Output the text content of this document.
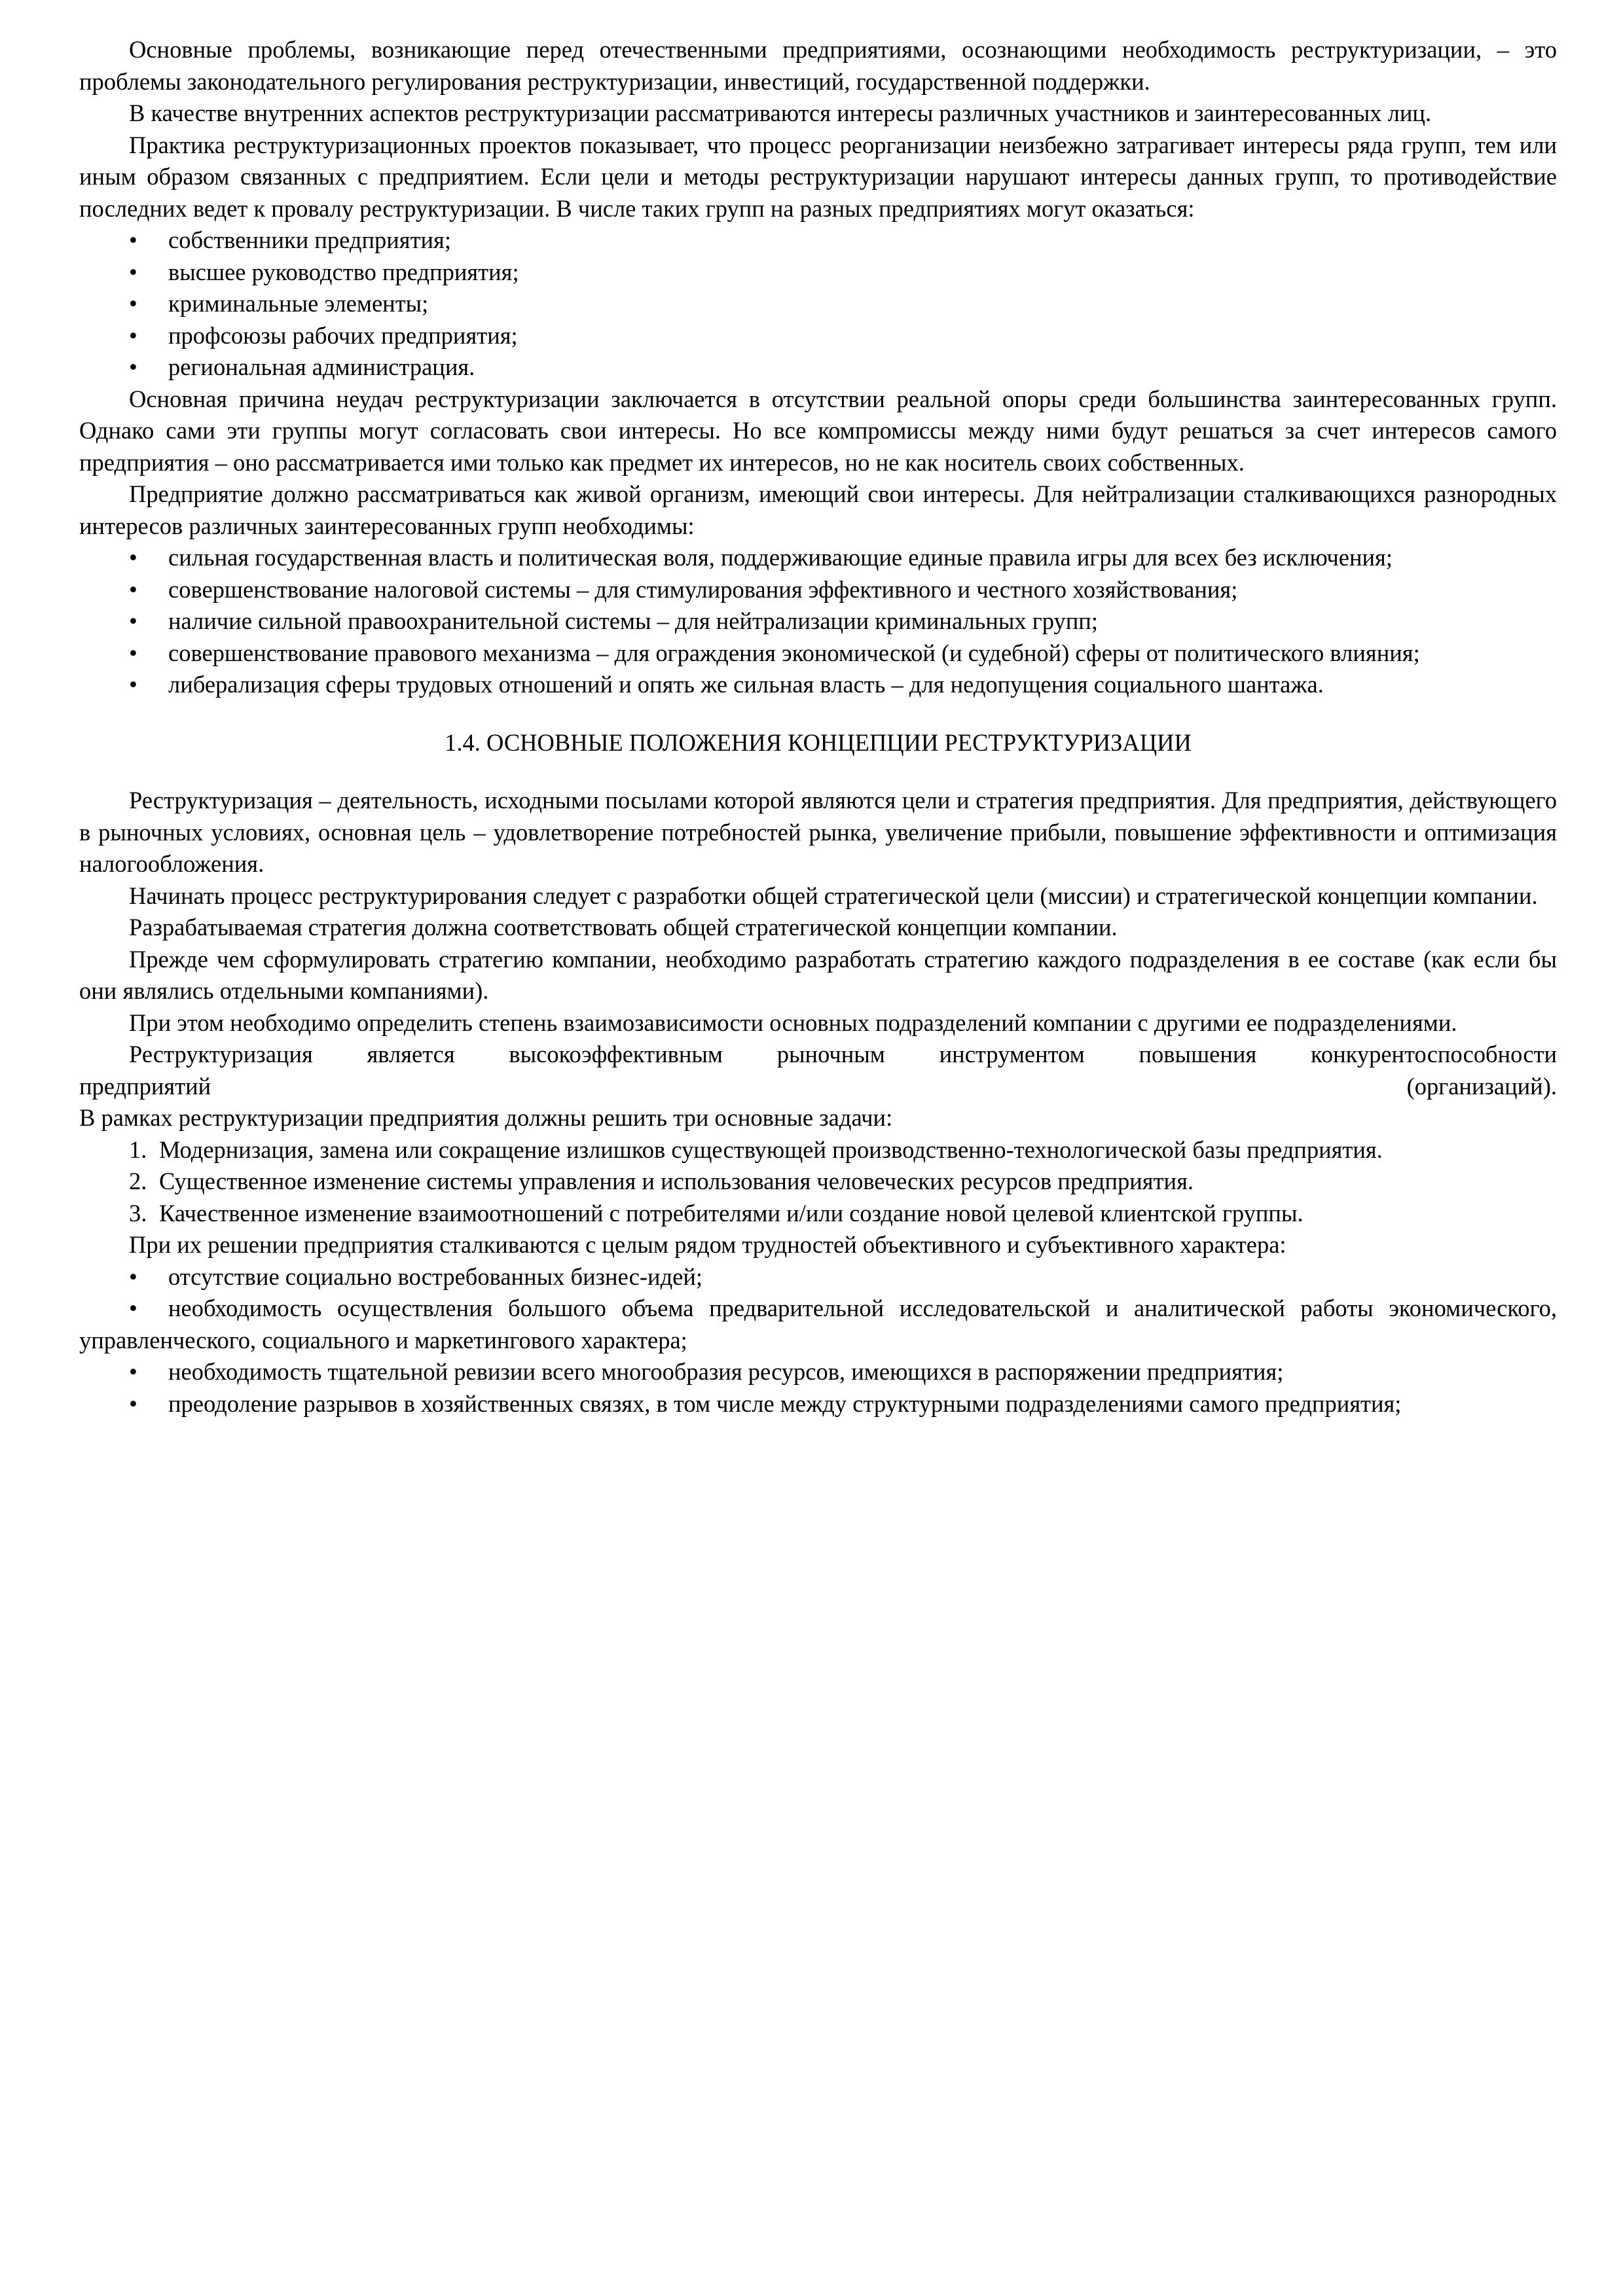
Основные проблемы, возникающие перед отечественными предприятиями, осознающими необходимость реструктуризации, – это проблемы законодательного регулирования реструктуризации, инвестиций, государственной поддержки.

В качестве внутренних аспектов реструктуризации рассматриваются интересы различных участников и заинтересованных лиц.

Практика реструктуризационных проектов показывает, что процесс реорганизации неизбежно затрагивает интересы ряда групп, тем или иным образом связанных с предприятием. Если цели и методы реструктуризации нарушают интересы данных групп, то противодействие последних ведет к провалу реструктуризации. В числе таких групп на разных предприятиях могут оказаться:

• собственники предприятия;

• высшее руководство предприятия;

• криминальные элементы;

• профсоюзы рабочих предприятия;

• региональная администрация.

Основная причина неудач реструктуризации заключается в отсутствии реальной опоры среди большинства заинтересованных групп. Однако сами эти группы могут согласовать свои интересы. Но все компромиссы между ними будут решаться за счет интересов самого предприятия – оно рассматривается ими только как предмет их интересов, но не как носитель своих собственных.

Предприятие должно рассматриваться как живой организм, имеющий свои интересы. Для нейтрализации сталкивающихся разнородных интересов различных заинтересованных групп необходимы:

• сильная государственная власть и политическая воля, поддерживающие единые правила игры для всех без исключения;

• совершенствование налоговой системы – для стимулирования эффективного и честного хозяйствования;

• наличие сильной правоохранительной системы – для нейтрализации криминальных групп;

• совершенствование правового механизма – для ограждения экономической (и судебной) сферы от политического влияния;

• либерализация сферы трудовых отношений и опять же сильная власть – для недопущения социального шантажа.

1.4. ОСНОВНЫЕ ПОЛОЖЕНИЯ КОНЦЕПЦИИ РЕСТРУКТУРИЗАЦИИ

Реструктуризация – деятельность, исходными посылами которой являются цели и стратегия предприятия. Для предприятия, действующего в рыночных условиях, основная цель – удовлетворение потребностей рынка, увеличение прибыли, повышение эффективности и оптимизация налогообложения.

Начинать процесс реструктурирования следует с разработки общей стратегической цели (миссии) и стратегической концепции компании.

Разрабатываемая стратегия должна соответствовать общей стратегической концепции компании.

Прежде чем сформулировать стратегию компании, необходимо разработать стратегию каждого подразделения в ее составе (как если бы они являлись отдельными компаниями).

При этом необходимо определить степень взаимозависимости основных подразделений компании с другими ее подразделениями.

Реструктуризация является высокоэффективным рыночным инструментом повышения конкурентоспособности

предприятий	(организаций).

В рамках реструктуризации предприятия должны решить три основные задачи:

1. Модернизация, замена или сокращение излишков существующей производственно-технологической базы предприятия.

2. Существенное изменение системы управления и использования человеческих ресурсов предприятия.

3. Качественное изменение взаимоотношений с потребителями и/или создание новой целевой клиентской группы.

При их решении предприятия сталкиваются с целым рядом трудностей объективного и субъективного характера:

• отсутствие социально востребованных бизнес-идей;

• необходимость осуществления большого объема предварительной исследовательской и аналитической работы экономического, управленческого, социального и маркетингового характера;

• необходимость тщательной ревизии всего многообразия ресурсов, имеющихся в распоряжении предприятия;

• преодоление разрывов в хозяйственных связях, в том числе между структурными подразделениями самого предприятия;
